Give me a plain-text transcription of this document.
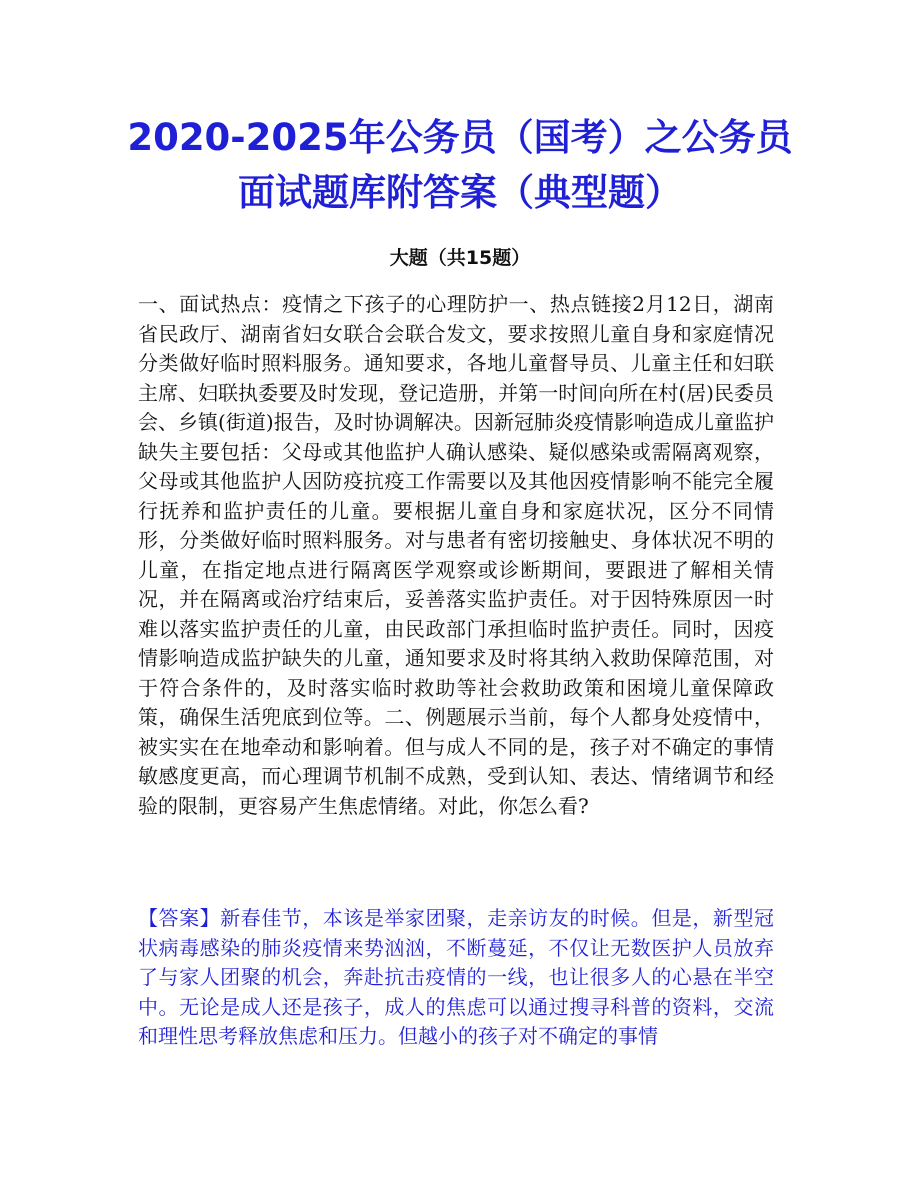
2020-2025年公务员（国考）之公务员面试题库附答案（典型题）
大题（共15题）

一、面试热点：疫情之下孩子的心理防护一、热点链接2月12日，湖南省民政厅、湖南省妇女联合会联合发文，要求按照儿童自身和家庭情况分类做好临时照料服务。通知要求，各地儿童督导员、儿童主任和妇联主席、妇联执委要及时发现，登记造册，并第一时间向所在村(居)民委员会、乡镇(街道)报告，及时协调解决。因新冠肺炎疫情影响造成儿童监护缺失主要包括：父母或其他监护人确认感染、疑似感染或需隔离观察，父母或其他监护人因防疫抗疫工作需要以及其他因疫情影响不能完全履行抚养和监护责任的儿童。要根据儿童自身和家庭状况，区分不同情形，分类做好临时照料服务。对与患者有密切接触史、身体状况不明的儿童，在指定地点进行隔离医学观察或诊断期间，要跟进了解相关情况，并在隔离或治疗结束后，妥善落实监护责任。对于因特殊原因一时难以落实监护责任的儿童，由民政部门承担临时监护责任。同时，因疫情影响造成监护缺失的儿童，通知要求及时将其纳入救助保障范围，对于符合条件的，及时落实临时救助等社会救助政策和困境儿童保障政策，确保生活兜底到位等。二、例题展示当前，每个人都身处疫情中，被实实在在地牵动和影响着。但与成人不同的是，孩子对不确定的事情敏感度更高，而心理调节机制不成熟，受到认知、表达、情绪调节和经验的限制，更容易产生焦虑情绪。对此，你怎么看?

【答案】新春佳节，本该是举家团聚，走亲访友的时候。但是，新型冠状病毒感染的肺炎疫情来势汹汹，不断蔓延，不仅让无数医护人员放弃了与家人团聚的机会，奔赴抗击疫情的一线，也让很多人的心悬在半空中。无论是成人还是孩子，成人的焦虑可以通过搜寻科普的资料，交流和理性思考释放焦虑和压力。但越小的孩子对不确定的事情
